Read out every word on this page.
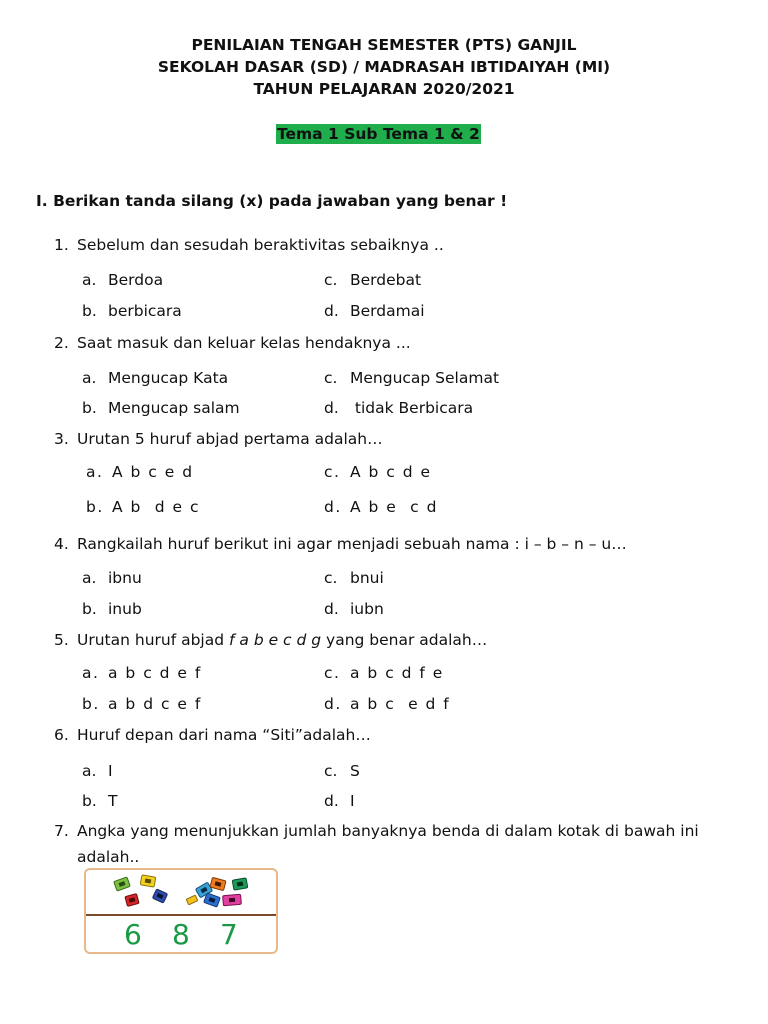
PENILAIAN TENGAH SEMESTER (PTS) GANJIL
SEKOLAH DASAR (SD) / MADRASAH IBTIDAIYAH (MI)
TAHUN PELAJARAN 2020/2021
Tema 1 Sub Tema 1 & 2
I. Berikan tanda silang (x) pada jawaban yang benar !
1. Sebelum dan sesudah beraktivitas sebaiknya ..
a. Berdoa	c. Berdebat
b. berbicara	d. Berdamai
2. Saat masuk dan keluar kelas hendaknya ...
a. Mengucap Kata	c. Mengucap Selamat
b. Mengucap salam	d. tidak Berbicara
3. Urutan 5 huruf abjad pertama adalah…
a. A b c e d	c. A b c d e
b. A b  d e c	d. A b e  c d
4. Rangkailah huruf berikut ini agar menjadi sebuah nama : i – b – n – u…
a. ibnu	c. bnui
b. inub	d. iubn
5. Urutan huruf abjad f a b e c d g yang benar adalah…
a. a b c d e f	c. a b c d f e
b. a b d c e f	d. a b c  e d f
6. Huruf depan dari nama “Siti”adalah…
a. I	c. S
b. T	d. I
7. Angka yang menunjukkan jumlah banyaknya benda di dalam kotak di bawah ini
adalah..
6 8 7
